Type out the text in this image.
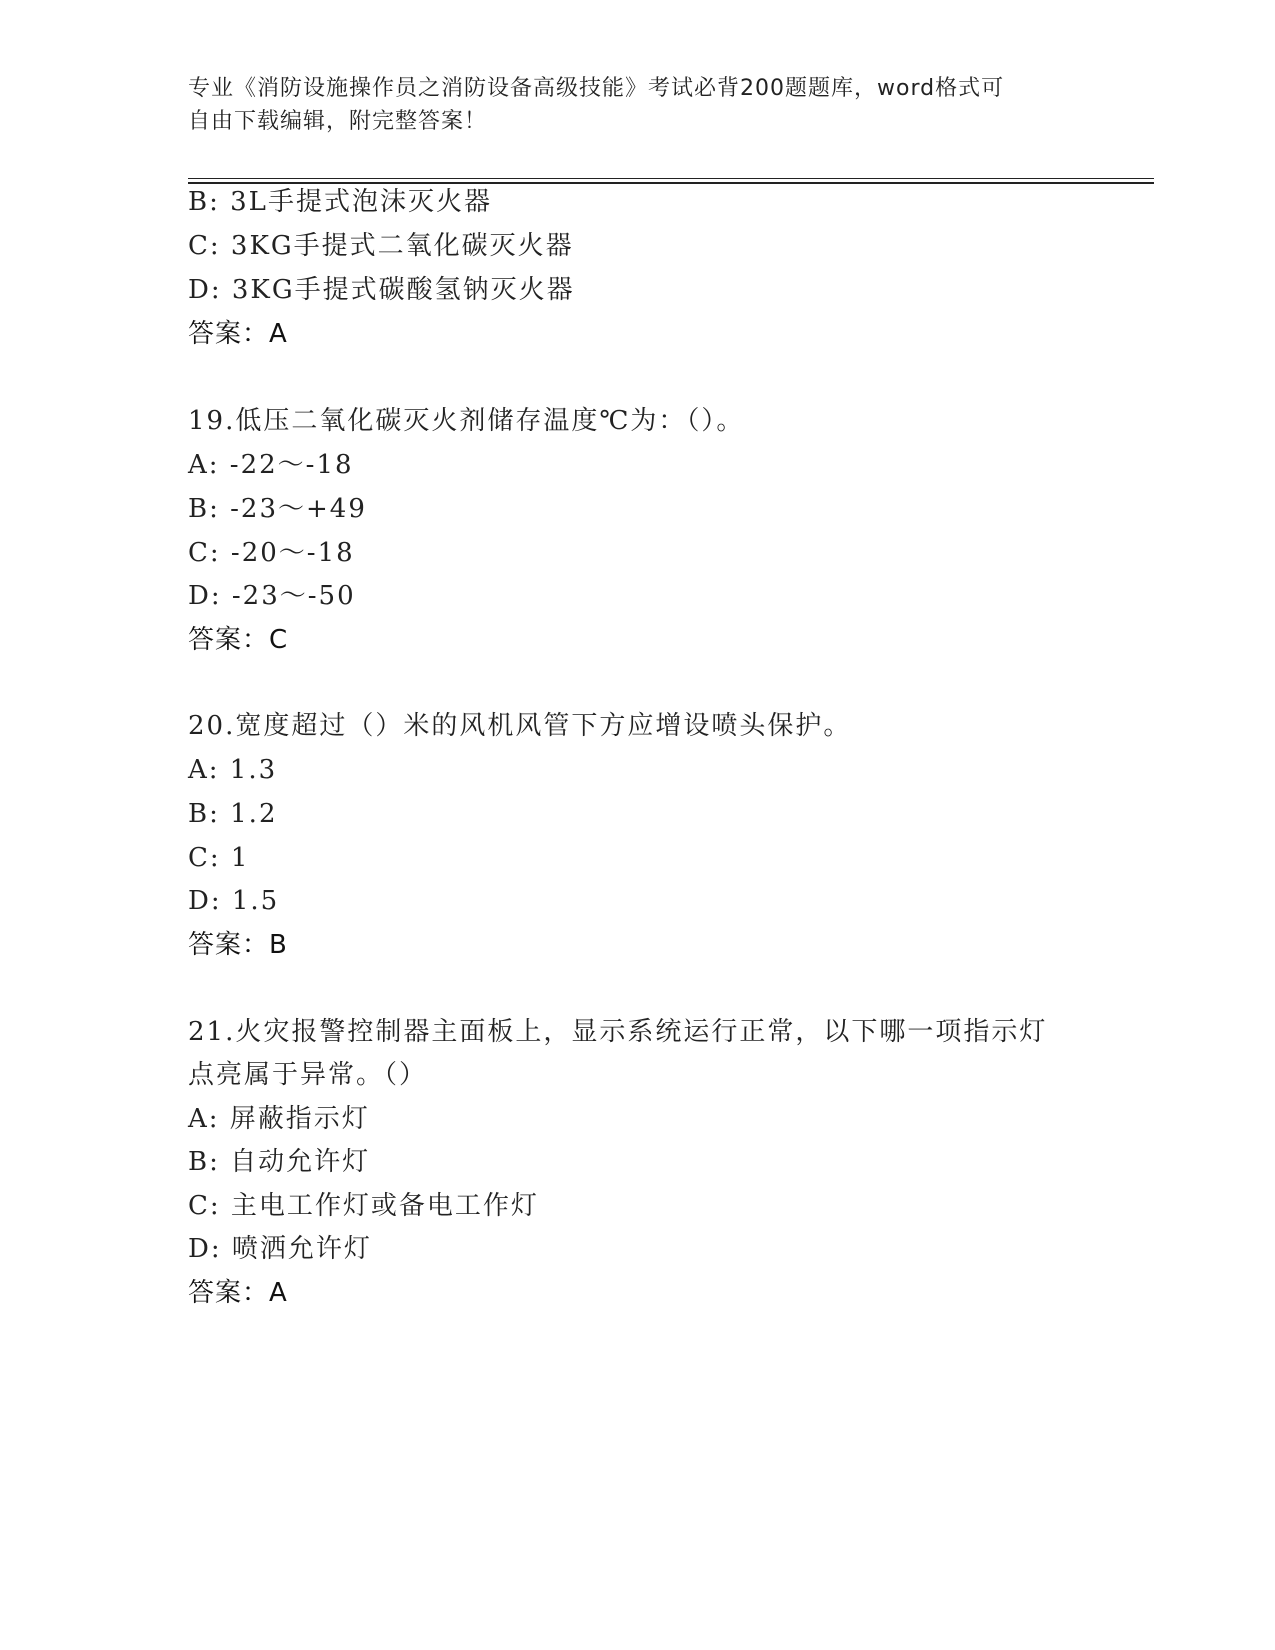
专业《消防设施操作员之消防设备高级技能》考试必背200题题库，word格式可
自由下载编辑，附完整答案！
B: 3L手提式泡沫灭火器
C: 3KG手提式二氧化碳灭火器
D: 3KG手提式碳酸氢钠灭火器
答案：A
19.低压二氧化碳灭火剂储存温度℃为：（）。
A: -22～-18
B: -23～+49
C: -20～-18
D: -23～-50
答案：C
20.宽度超过（）米的风机风管下方应增设喷头保护。
A: 1.3
B: 1.2
C: 1
D: 1.5
答案：B
21.火灾报警控制器主面板上，显示系统运行正常，以下哪一项指示灯
点亮属于异常。（）
A: 屏蔽指示灯
B: 自动允许灯
C: 主电工作灯或备电工作灯
D: 喷洒允许灯
答案：A
